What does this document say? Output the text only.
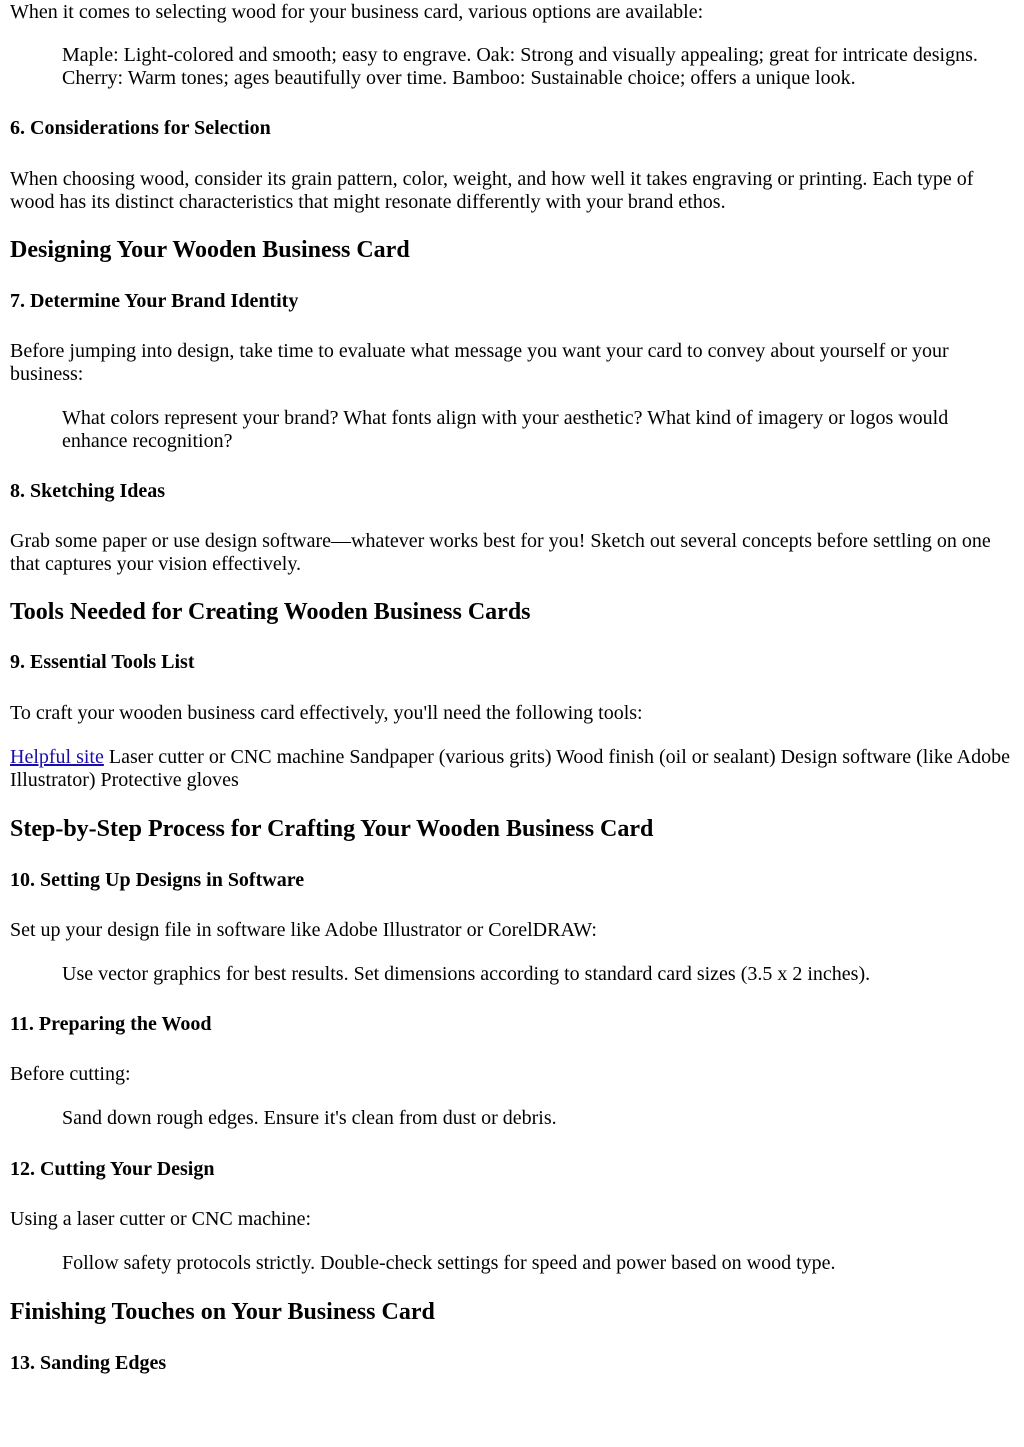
When it comes to selecting wood for your business card, various options are available:

Maple: Light-colored and smooth; easy to engrave. Oak: Strong and visually appealing; great for intricate designs. Cherry: Warm tones; ages beautifully over time. Bamboo: Sustainable choice; offers a unique look.
6. Considerations for Selection

When choosing wood, consider its grain pattern, color, weight, and how well it takes engraving or printing. Each type of wood has its distinct characteristics that might resonate differently with your brand ethos.

Designing Your Wooden Business Card
7. Determine Your Brand Identity

Before jumping into design, take time to evaluate what message you want your card to convey about yourself or your business:

What colors represent your brand? What fonts align with your aesthetic? What kind of imagery or logos would enhance recognition?
8. Sketching Ideas

Grab some paper or use design software—whatever works best for you! Sketch out several concepts before settling on one that captures your vision effectively.

Tools Needed for Creating Wooden Business Cards
9. Essential Tools List

To craft your wooden business card effectively, you'll need the following tools:

Helpful site Laser cutter or CNC machine Sandpaper (various grits) Wood finish (oil or sealant) Design software (like Adobe Illustrator) Protective gloves

Step-by-Step Process for Crafting Your Wooden Business Card
10. Setting Up Designs in Software

Set up your design file in software like Adobe Illustrator or CorelDRAW:

Use vector graphics for best results. Set dimensions according to standard card sizes (3.5 x 2 inches).
11. Preparing the Wood

Before cutting:

Sand down rough edges. Ensure it's clean from dust or debris.
12. Cutting Your Design

Using a laser cutter or CNC machine:

Follow safety protocols strictly. Double-check settings for speed and power based on wood type.
Finishing Touches on Your Business Card
13. Sanding Edges
